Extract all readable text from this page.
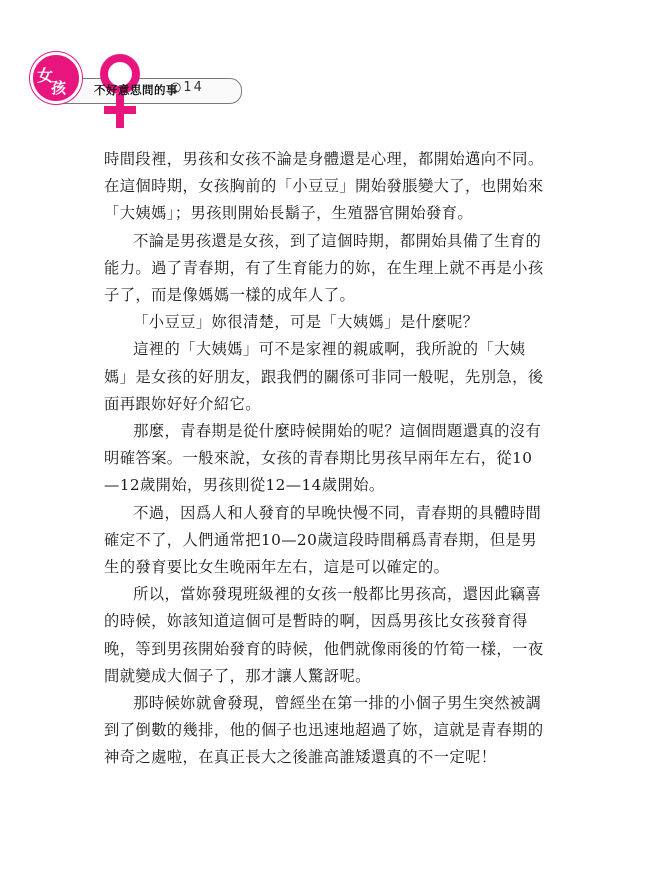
女
孩 不好意思問的事
○14

時間段裡，男孩和女孩不論是身體還是心理，都開始邁向不同。在這個時期，女孩胸前的「小豆豆」開始發脹變大了，也開始來「大姨媽」；男孩則開始長鬍子，生殖器官開始發育。

不論是男孩還是女孩，到了這個時期，都開始具備了生育的能力。過了青春期，有了生育能力的妳，在生理上就不再是小孩子了，而是像媽媽一樣的成年人了。

「小豆豆」妳很清楚，可是「大姨媽」是什麼呢？

這裡的「大姨媽」可不是家裡的親戚啊，我所說的「大姨媽」是女孩的好朋友，跟我們的關係可非同一般呢，先別急，後面再跟妳好好介紹它。

那麼，青春期是從什麼時候開始的呢？這個問題還真的沒有明確答案。一般來說，女孩的青春期比男孩早兩年左右，從10—12歲開始，男孩則從12—14歲開始。

不過，因爲人和人發育的早晚快慢不同，青春期的具體時間確定不了，人們通常把10—20歲這段時間稱爲青春期，但是男生的發育要比女生晚兩年左右，這是可以確定的。

所以，當妳發現班級裡的女孩一般都比男孩高，還因此竊喜的時候，妳該知道這個可是暫時的啊，因爲男孩比女孩發育得晚，等到男孩開始發育的時候，他們就像雨後的竹筍一樣，一夜間就變成大個子了，那才讓人驚訝呢。

那時候妳就會發現，曾經坐在第一排的小個子男生突然被調到了倒數的幾排，他的個子也迅速地超過了妳，這就是青春期的神奇之處啦，在真正長大之後誰高誰矮還真的不一定呢！
